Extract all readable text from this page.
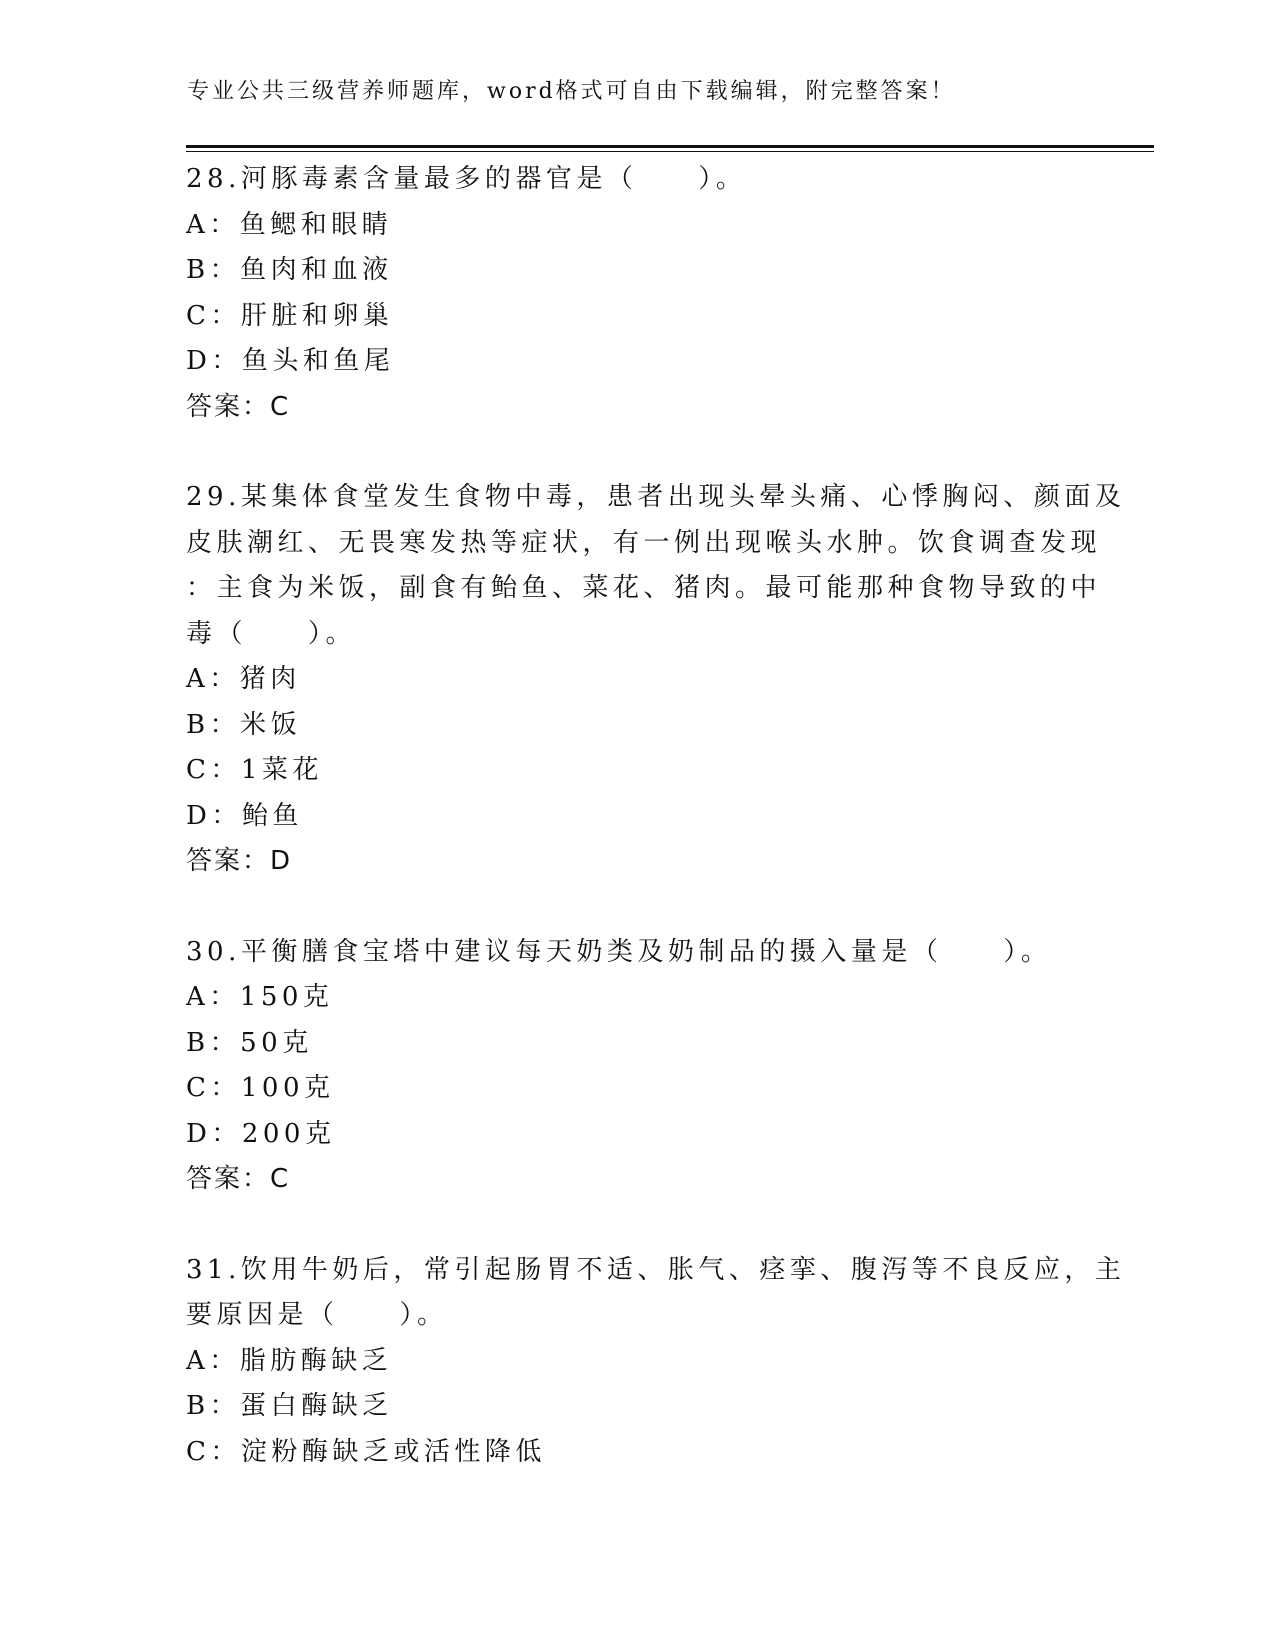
专业公共三级营养师题库，word格式可自由下载编辑，附完整答案！
28.河豚毒素含量最多的器官是（　　）。
A：鱼鳃和眼睛
B：鱼肉和血液
C：肝脏和卵巢
D：鱼头和鱼尾
答案：C
29.某集体食堂发生食物中毒，患者出现头晕头痛、心悸胸闷、颜面及
皮肤潮红、无畏寒发热等症状，有一例出现喉头水肿。饮食调查发现
：主食为米饭，副食有鲐鱼、菜花、猪肉。最可能那种食物导致的中
毒（　　）。
A：猪肉
B：米饭
C：1菜花
D：鲐鱼
答案：D
30.平衡膳食宝塔中建议每天奶类及奶制品的摄入量是（　　）。
A：150克
B：50克
C：100克
D：200克
答案：C
31.饮用牛奶后，常引起肠胃不适、胀气、痉挛、腹泻等不良反应，主
要原因是（　　）。
A：脂肪酶缺乏
B：蛋白酶缺乏
C：淀粉酶缺乏或活性降低
